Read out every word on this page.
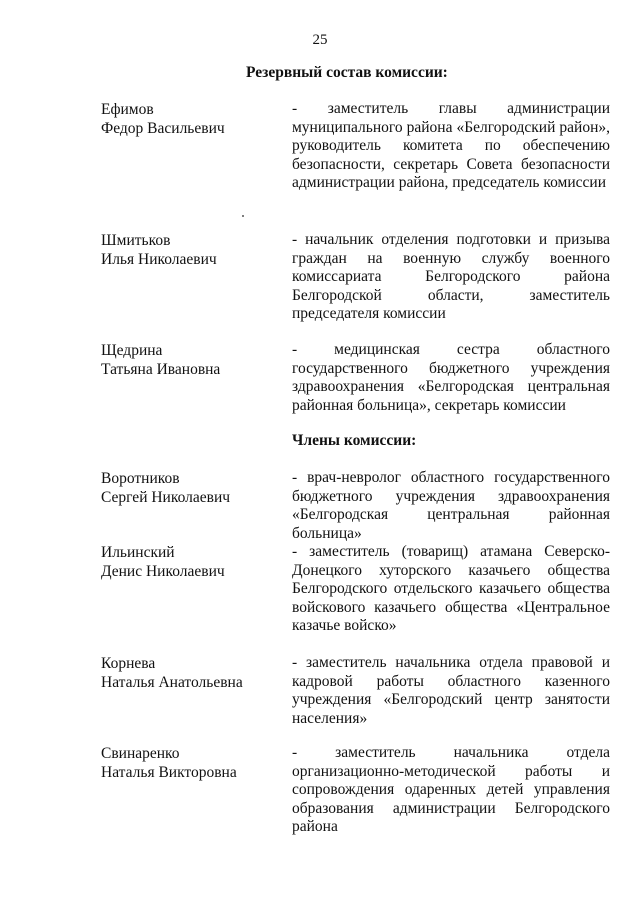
25
Резервный состав комиссии:
Ефимов
Федор Васильевич
- заместитель главы администрации муниципального района «Белгородский район», руководитель комитета по обеспечению безопасности, секретарь Совета безопасности администрации района, председатель комиссии
Шмитьков
Илья Николаевич
- начальник отделения подготовки и призыва граждан на военную службу военного комиссариата Белгородского района Белгородской области, заместитель председателя комиссии
Щедрина
Татьяна Ивановна
- медицинская сестра областного государственного бюджетного учреждения здравоохранения «Белгородская центральная районная больница», секретарь комиссии
Члены комиссии:
Воротников
Сергей Николаевич
- врач-невролог областного государственного бюджетного учреждения здравоохранения «Белгородская центральная районная больница»
Ильинский
Денис Николаевич
- заместитель (товарищ) атамана Северско-Донецкого хуторского казачьего общества Белгородского отдельского казачьего общества войскового казачьего общества «Центральное казачье войско»
Корнева
Наталья Анатольевна
- заместитель начальника отдела правовой и кадровой работы областного казенного учреждения «Белгородский центр занятости населения»
Свинаренко
Наталья Викторовна
- заместитель начальника отдела организационно-методической работы и сопровождения одаренных детей управления образования администрации Белгородского района
